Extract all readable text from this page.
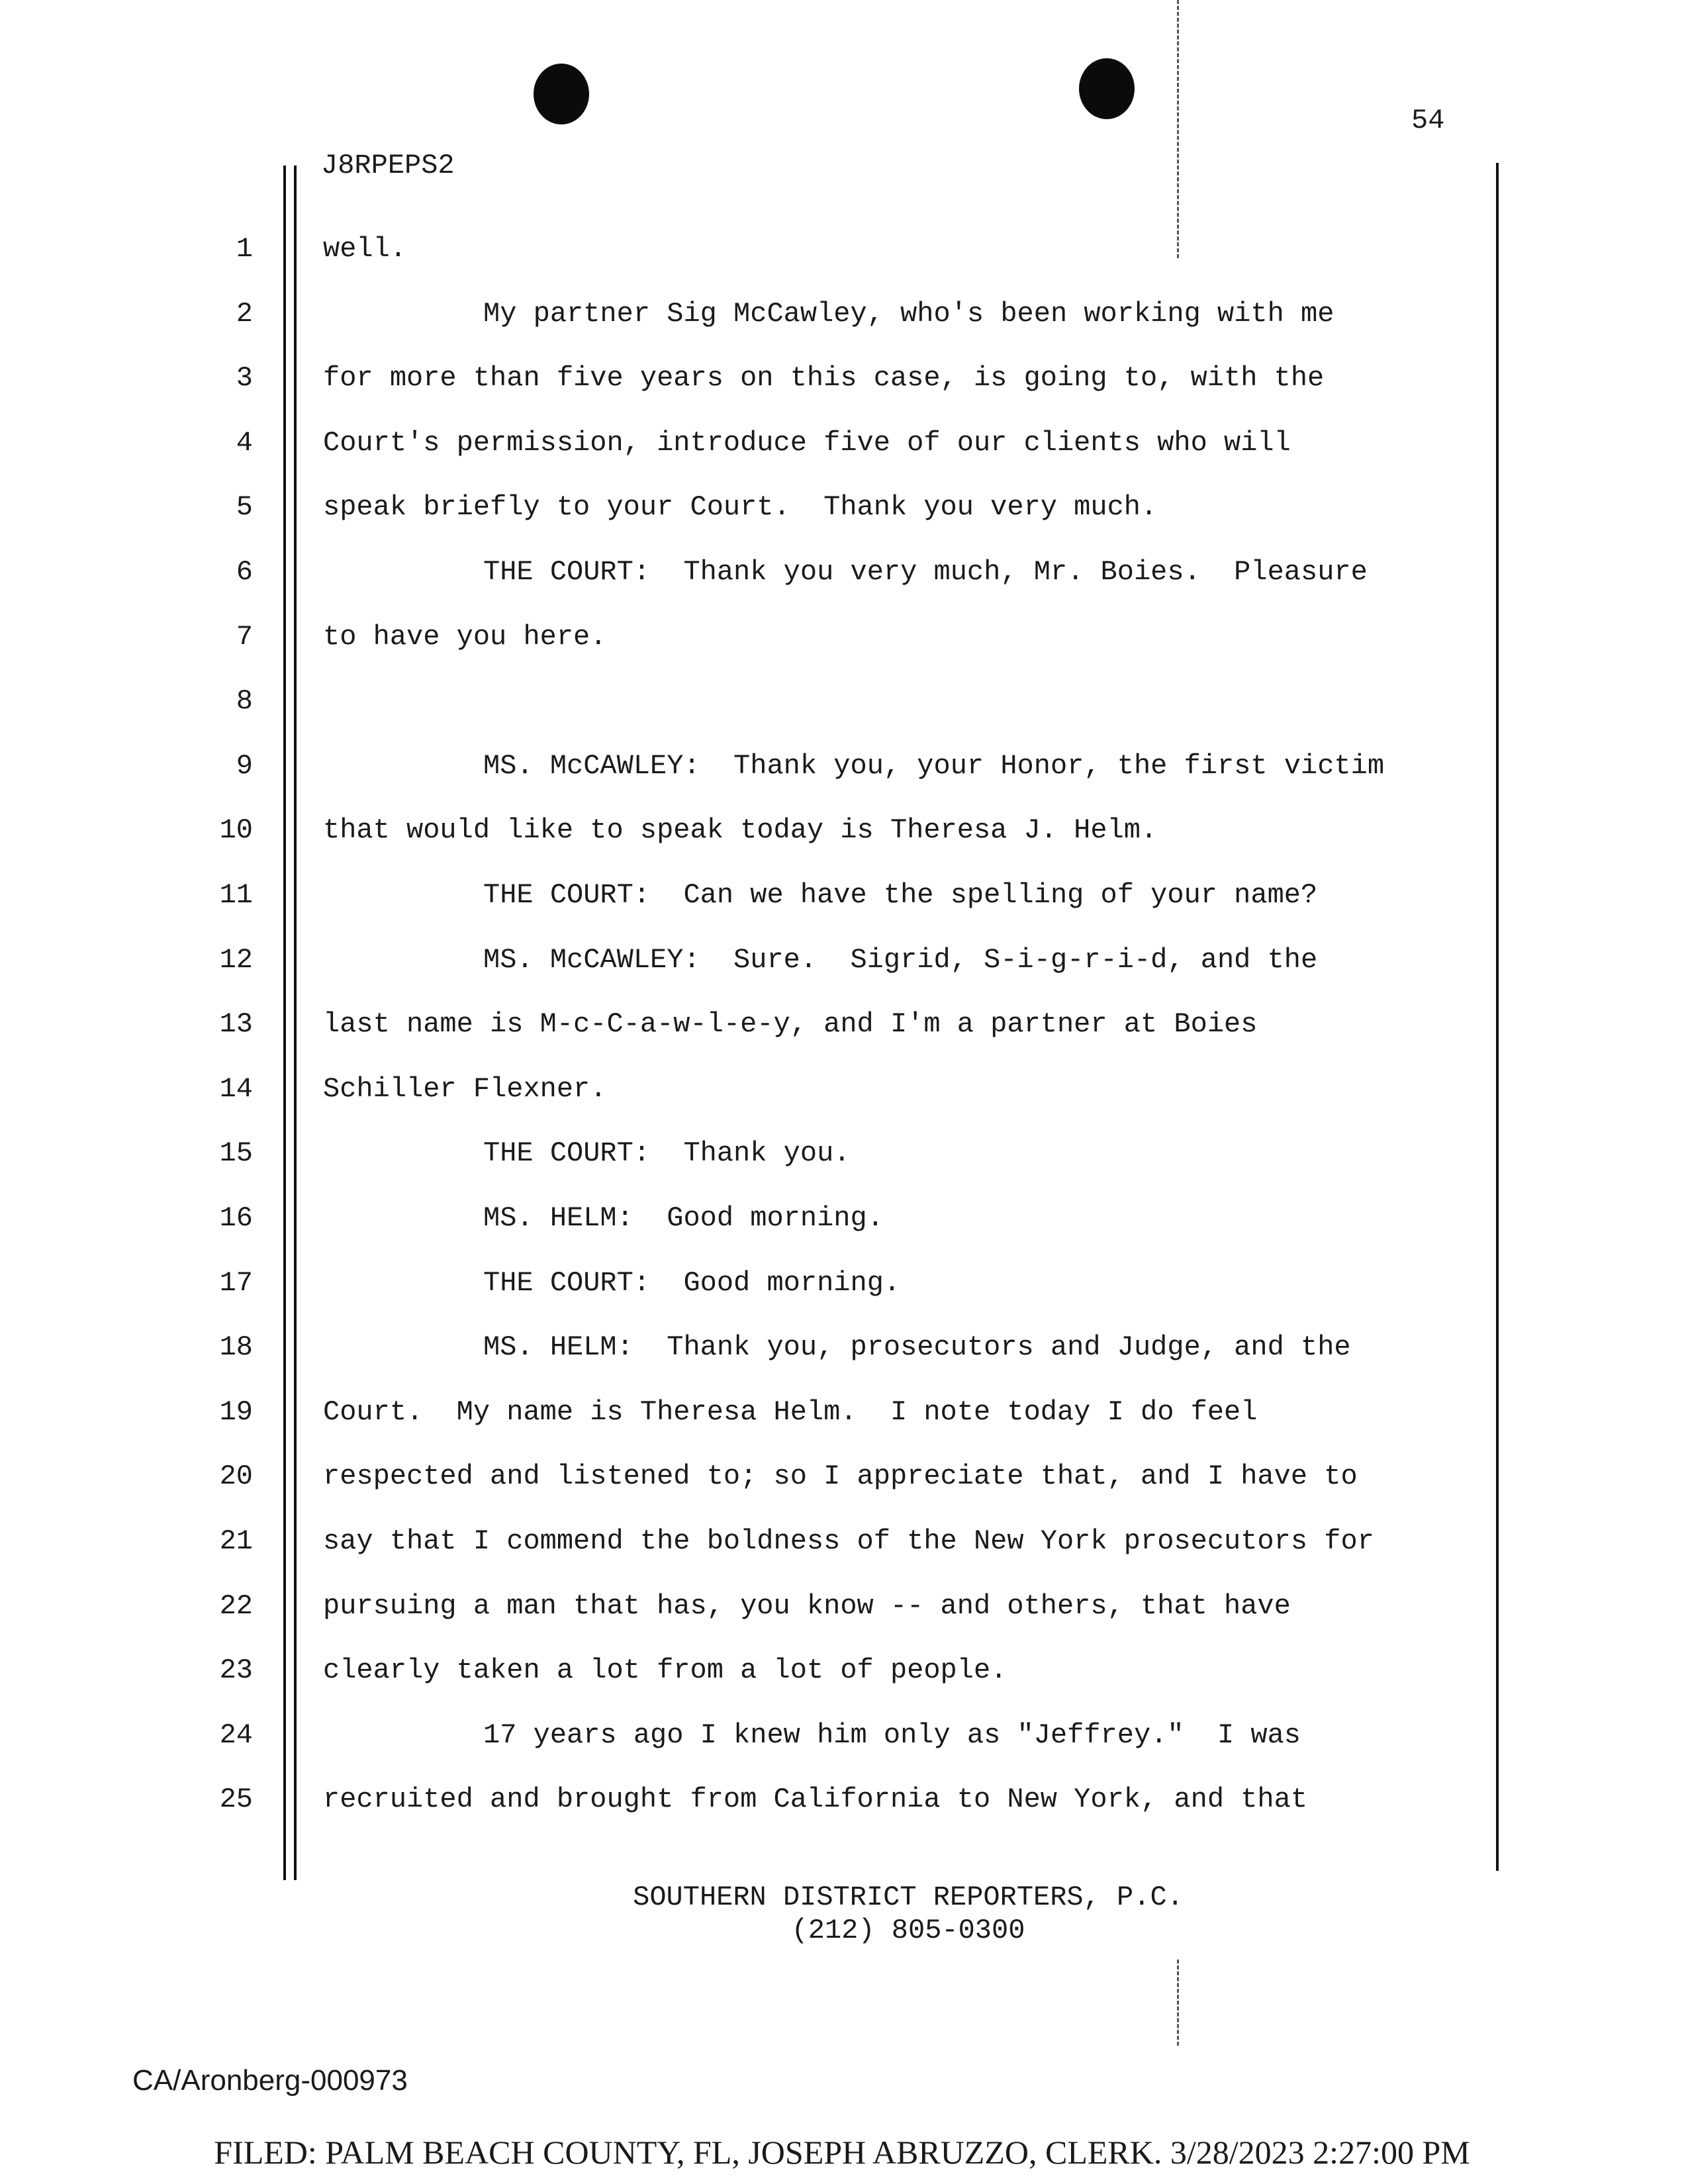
54
J8RPEPS2
1	well.
2	My partner Sig McCawley, who's been working with me
3	for more than five years on this case, is going to, with the
4	Court's permission, introduce five of our clients who will
5	speak briefly to your Court.  Thank you very much.
6	THE COURT:  Thank you very much, Mr. Boies.  Pleasure
7	to have you here.
8
9	MS. McCAWLEY:  Thank you, your Honor, the first victim
10	that would like to speak today is Theresa J. Helm.
11	THE COURT:  Can we have the spelling of your name?
12	MS. McCAWLEY:  Sure.  Sigrid, S-i-g-r-i-d, and the
13	last name is M-c-C-a-w-l-e-y, and I'm a partner at Boies
14	Schiller Flexner.
15	THE COURT:  Thank you.
16	MS. HELM:  Good morning.
17	THE COURT:  Good morning.
18	MS. HELM:  Thank you, prosecutors and Judge, and the
19	Court.  My name is Theresa Helm.  I note today I do feel
20	respected and listened to; so I appreciate that, and I have to
21	say that I commend the boldness of the New York prosecutors for
22	pursuing a man that has, you know -- and others, that have
23	clearly taken a lot from a lot of people.
24	17 years ago I knew him only as "Jeffrey."  I was
25	recruited and brought from California to New York, and that
SOUTHERN DISTRICT REPORTERS, P.C.
(212) 805-0300
CA/Aronberg-000973
FILED: PALM BEACH COUNTY, FL, JOSEPH ABRUZZO, CLERK. 3/28/2023 2:27:00 PM
